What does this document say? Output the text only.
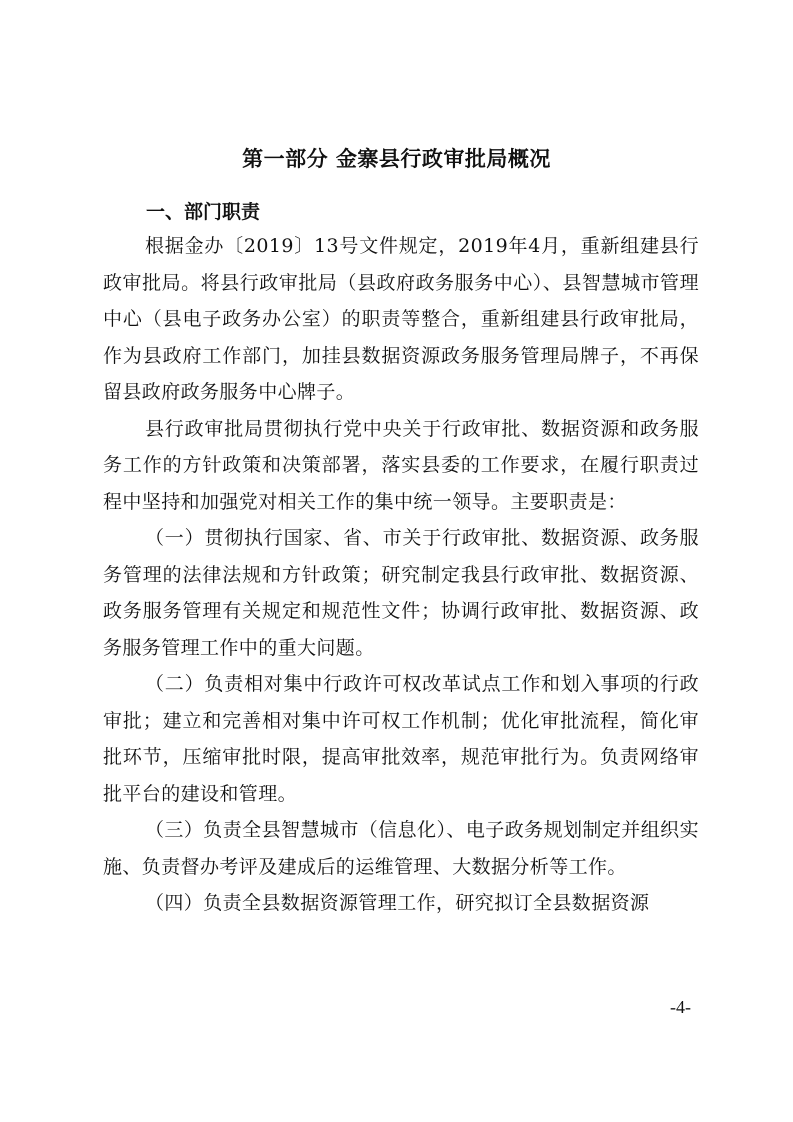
第一部分 金寨县行政审批局概况
一、部门职责

根据金办〔2019〕13号文件规定，2019年4月，重新组建县行政审批局。将县行政审批局（县政府政务服务中心）、县智慧城市管理中心（县电子政务办公室）的职责等整合，重新组建县行政审批局，作为县政府工作部门，加挂县数据资源政务服务管理局牌子，不再保留县政府政务服务中心牌子。

县行政审批局贯彻执行党中央关于行政审批、数据资源和政务服务工作的方针政策和决策部署，落实县委的工作要求，在履行职责过程中坚持和加强党对相关工作的集中统一领导。主要职责是：

（一）贯彻执行国家、省、市关于行政审批、数据资源、政务服务管理的法律法规和方针政策；研究制定我县行政审批、数据资源、政务服务管理有关规定和规范性文件；协调行政审批、数据资源、政务服务管理工作中的重大问题。

（二）负责相对集中行政许可权改革试点工作和划入事项的行政审批；建立和完善相对集中许可权工作机制；优化审批流程，简化审批环节，压缩审批时限，提高审批效率，规范审批行为。负责网络审批平台的建设和管理。

（三）负责全县智慧城市（信息化）、电子政务规划制定并组织实施、负责督办考评及建成后的运维管理、大数据分析等工作。

（四）负责全县数据资源管理工作，研究拟订全县数据资源

-4-
